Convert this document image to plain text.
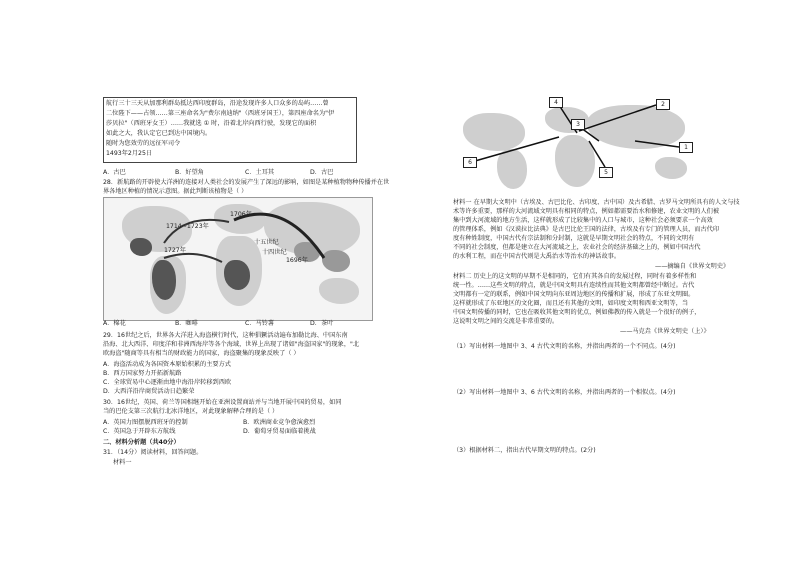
航行三十三天从加那利群岛抵达西印度群岛，沿途发现许多人口众多的岛屿……曾
二位陛下——占领……第三座命名为"费尔南迪纳"（西班牙国王），第四座命名为"伊
莎贝拉"（西班牙女王）……我就选 ① 时，沿着北岸向西行驶，发现它的面积
如此之大，我认定它已到达中国境内。
随时为您效劳的远征军司令
1493年2月25日
A．古巴	B．好望角	C．土耳其	D．古巴
28．新航路的开辟使大洋洲的连接对人类社会的发展产生了深远的影响，如图是某种植物物种传播并在世
界各地区种植的情况示意图。据此判断该植物是（ ）
1706年
1714~1723年
1727年
十五世纪
1696年
十四世纪
A．棉花	B．咖啡	C．马铃薯	D．茶叶
29．16世纪之后，世界各大洋进入海盗横行时代，这种猖獗活动遍布加勒比海、中国东南
沿海、北大西洋、印度洋和非洲西海岸等各个海域，世界上出现了诸如"海盗国家"的现象，"北
欧海盗"随商等具有相当的财政能力的国家，海盗聚集的现象反映了（ ）
A．海盗活动成为各国资本原始积累的主要方式
B．西方国家努力开拓新航路
C．全球贸易中心逐渐由地中海沿岸转移到西欧
D．大西洋沿岸商贸活动日趋繁荣
30．16世纪，英国、荷兰等国相继开始在亚洲设置商站并与当地开展中国的贸易，如同
当的巴伦支第三次航行北冰洋地区，对此现象解释合理的是（ ）
A．英国力图摆脱西班牙的控制	B．欧洲商业竞争愈演愈烈
C．英国急于开辟东方航线	D．葡萄牙贸易面临着挑战
二、材料分析题（共40分）
31．（14分）阅读材料，回答问题。
材料一
4	2
1
3
5
6
材料一 在早期大文明中（古埃及、古巴比伦、古印度、古中国）及古希腊、古罗马文明所具有的人文与技
术等许多重要，那样的大河流域文明具有相同的特点，例如都需要治水和修建，农业文明的人们被
集中到大河流域的地方生活，这样就形成了比较集中的人口与城市，这种社会必须要求一个高效
的管理体系，例如《汉谟拉比法典》是古巴比伦王国的法律，古埃及有专门的管理人员，而古代印
度有种姓制度，中国古代有宗法制和分封制，这就是早期文明社会的特点，不同的文明有
不同的社会制度，但都是建立在大河流域之上，农业社会的经济基础之上的，例如中国古代
的水利工程，而在中国古代则是大禹治水等治水的神话故事。
——摘编自《世界文明史》
材料二 历史上的这文明的早期不是相同的，它们有其各自的发展过程，同时有着多样性和
统一性。……这些文明的特点，就是中国文明具有连续性而其他文明都曾经中断过。古代
文明都有一定的联系，例如中国文明向东亚周边地区的传播和扩展，形成了东亚文明圈。
这样就形成了东亚地区的文化圈，而且还有其他的文明，如印度文明和西亚文明等，当
中国文明传播的同时，它也在吸收其他文明的优点，例如佛教的传入就是一个很好的例子，
这说明文明之间的交流是非常重要的。
——马克垚《世界文明史（上）》
（1）写出材料一地图中 3、4 古代文明的名称，并指出两者的一个不同点。(4分)
（2）写出材料一地图中 3、6 古代文明的名称，并指出两者的一个相似点。(4分)
（3）根据材料二，指出古代早期文明的特点。(2分)
